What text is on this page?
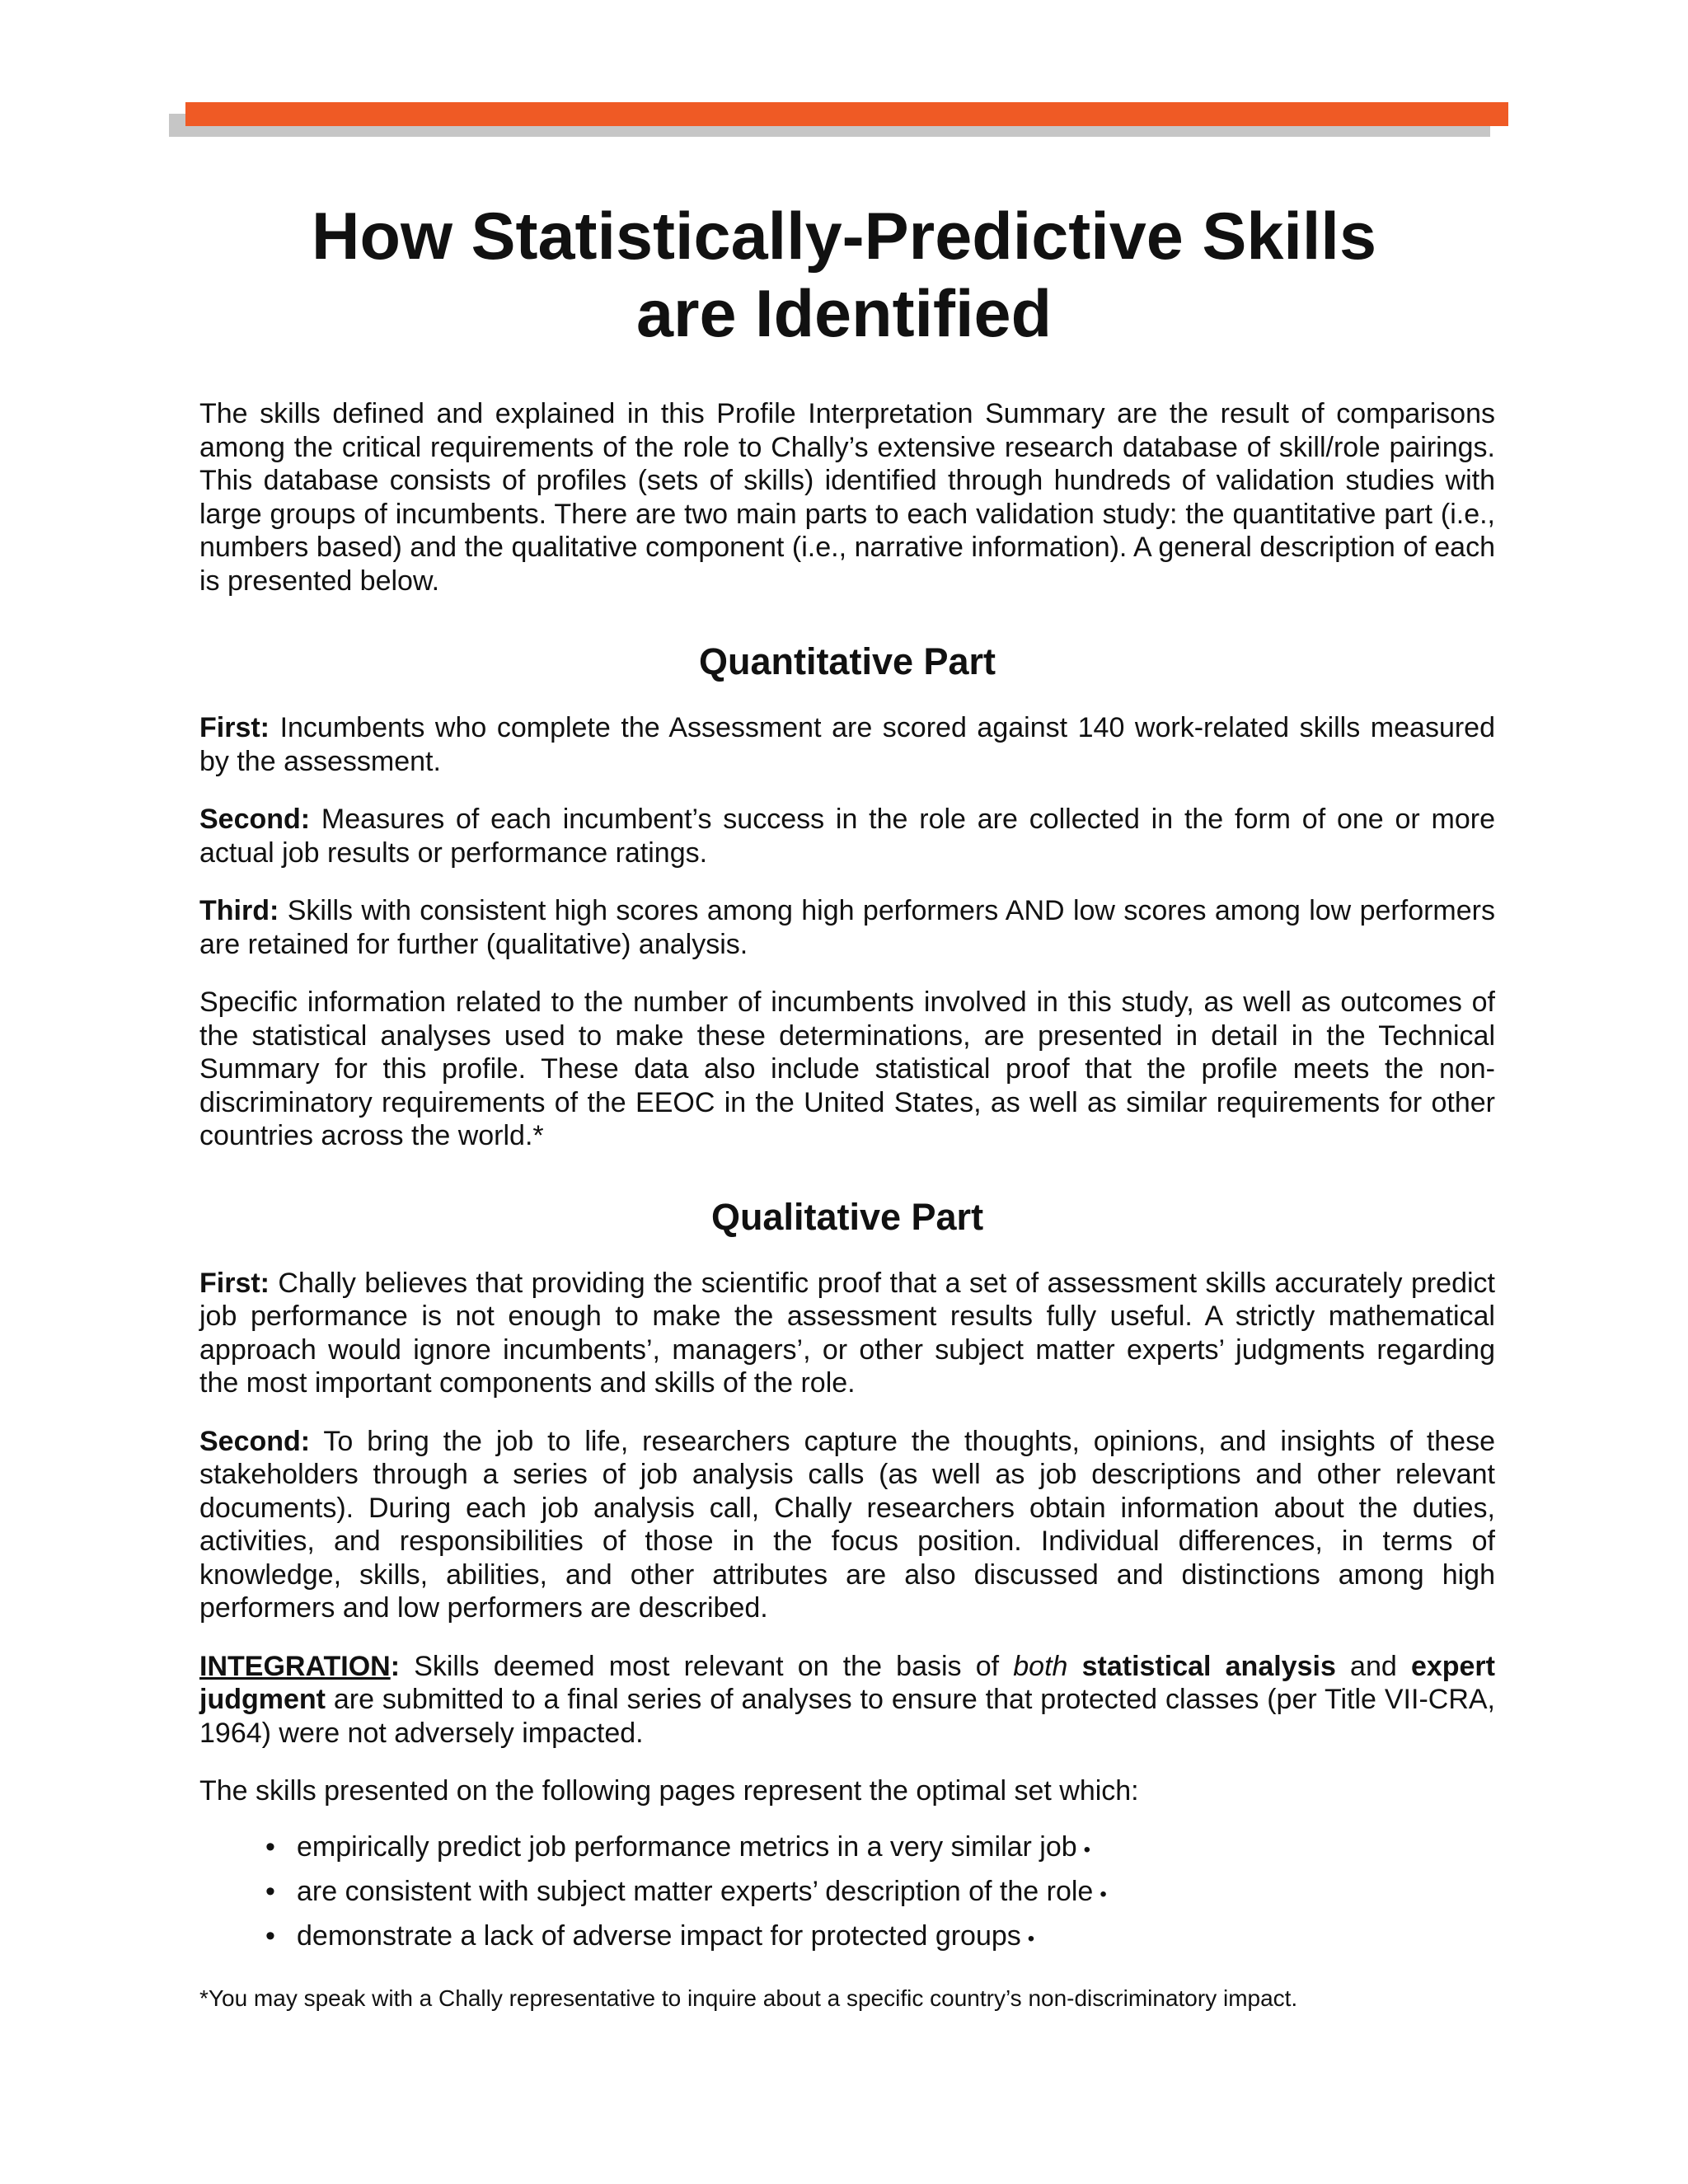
How Statistically-Predictive Skills
are Identified

The skills defined and explained in this Profile Interpretation Summary are the result of comparisons among the critical requirements of the role to Chally’s extensive research database of skill/role pairings. This database consists of profiles (sets of skills) identified through hundreds of validation studies with large groups of incumbents. There are two main parts to each validation study: the quantitative part (i.e., numbers based) and the qualitative component (i.e., narrative information). A general description of each is presented below.

Quantitative Part

First: Incumbents who complete the Assessment are scored against 140 work-related skills measured by the assessment.

Second: Measures of each incumbent’s success in the role are collected in the form of one or more actual job results or performance ratings.

Third: Skills with consistent high scores among high performers AND low scores among low performers are retained for further (qualitative) analysis.

Specific information related to the number of incumbents involved in this study, as well as outcomes of the statistical analyses used to make these determinations, are presented in detail in the Technical Summary for this profile. These data also include statistical proof that the profile meets the non-discriminatory requirements of the EEOC in the United States, as well as similar requirements for other countries across the world.*

Qualitative Part

First: Chally believes that providing the scientific proof that a set of assessment skills accurately predict job performance is not enough to make the assessment results fully useful. A strictly mathematical approach would ignore incumbents’, managers’, or other subject matter experts’ judgments regarding the most important components and skills of the role.

Second: To bring the job to life, researchers capture the thoughts, opinions, and insights of these stakeholders through a series of job analysis calls (as well as job descriptions and other relevant documents). During each job analysis call, Chally researchers obtain information about the duties, activities, and responsibilities of those in the focus position. Individual differences, in terms of knowledge, skills, abilities, and other attributes are also discussed and distinctions among high performers and low performers are described.

INTEGRATION: Skills deemed most relevant on the basis of both statistical analysis and expert judgment are submitted to a final series of analyses to ensure that protected classes (per Title VII-CRA, 1964) were not adversely impacted.

The skills presented on the following pages represent the optimal set which:

• empirically predict job performance metrics in a very similar job •
• are consistent with subject matter experts’ description of the role •
• demonstrate a lack of adverse impact for protected groups •

*You may speak with a Chally representative to inquire about a specific country’s non-discriminatory impact.
